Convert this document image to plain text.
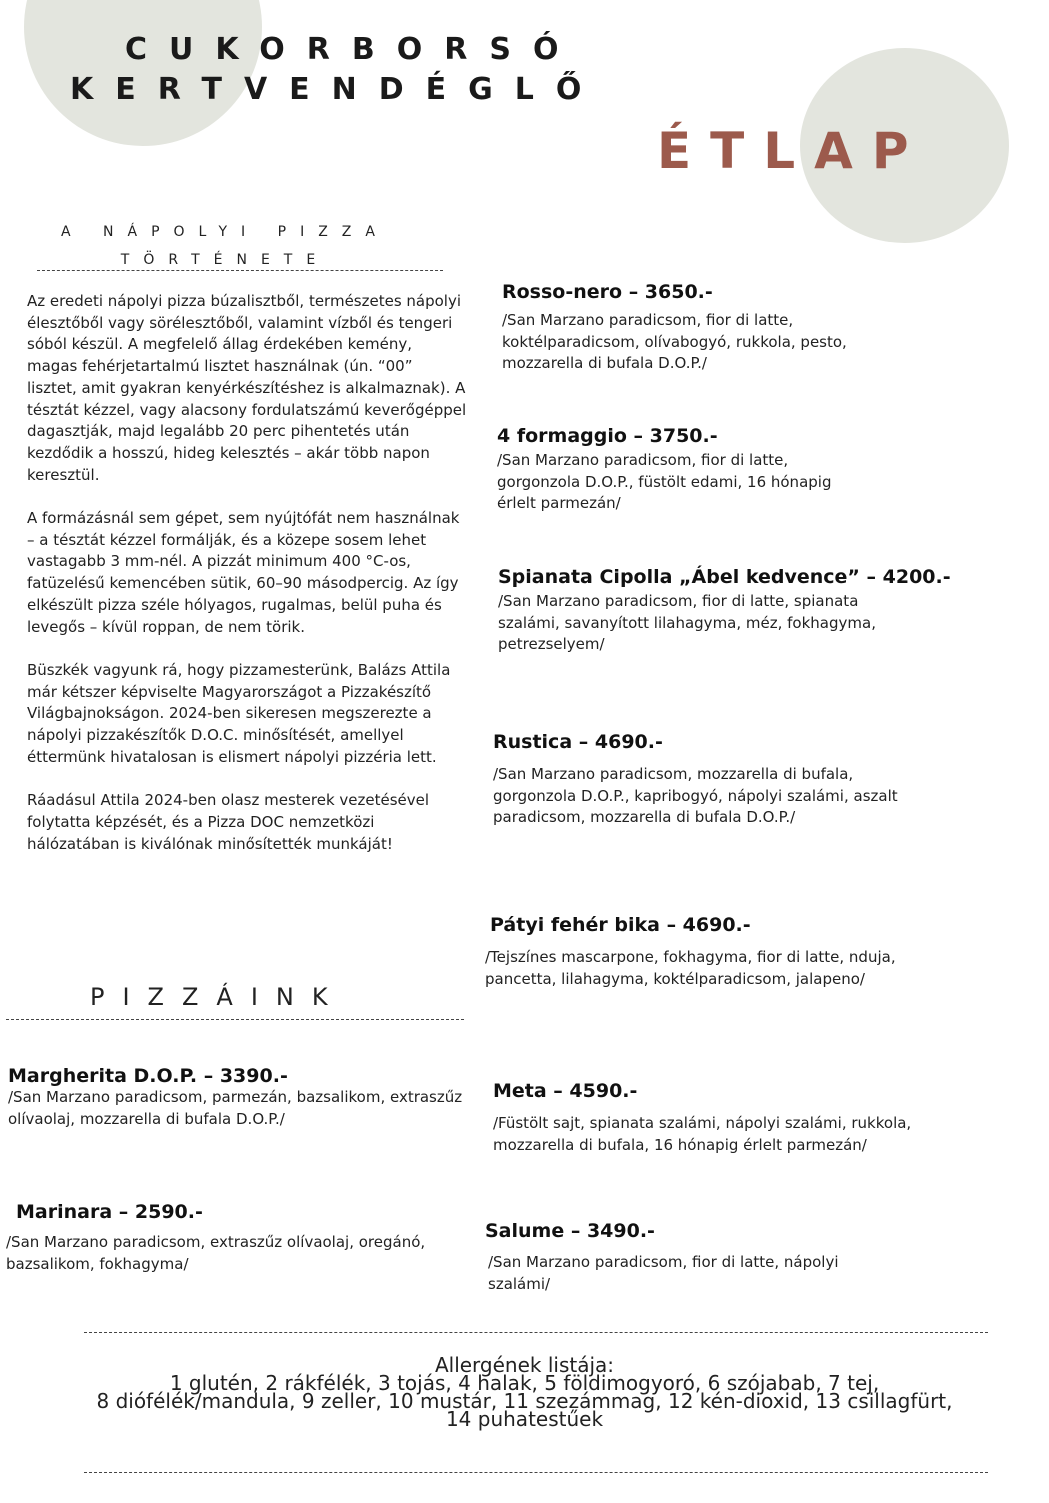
CUKORBORSÓ
KERTVENDÉGLŐ
ÉTLAP
A NÁPOLYI PIZZA
TÖRTÉNETE

Az eredeti nápolyi pizza búzalisztből, természetes nápolyi élesztőből vagy sörélesztőből, valamint vízből és tengeri sóból készül. A megfelelő állag érdekében kemény, magas fehérjetartalmú lisztet használnak (ún. “00” lisztet, amit gyakran kenyérkészítéshez is alkalmaznak). A tésztát kézzel, vagy alacsony fordulatszámú keverőgéppel dagasztják, majd legalább 20 perc pihentetés után kezdődik a hosszú, hideg kelesztés – akár több napon keresztül.

A formázásnál sem gépet, sem nyújtófát nem használnak – a tésztát kézzel formálják, és a közepe sosem lehet vastagabb 3 mm-nél. A pizzát minimum 400 °C-os, fatüzelésű kemencében sütik, 60–90 másodpercig. Az így elkészült pizza széle hólyagos, rugalmas, belül puha és levegős – kívül roppan, de nem törik.

Büszkék vagyunk rá, hogy pizzamesterünk, Balázs Attila már kétszer képviselte Magyarországot a Pizzakészítő Világbajnokságon. 2024-ben sikeresen megszerezte a nápolyi pizzakészítők D.O.C. minősítését, amellyel éttermünk hivatalosan is elismert nápolyi pizzéria lett.

Ráadásul Attila 2024-ben olasz mesterek vezetésével folytatta képzését, és a Pizza DOC nemzetközi hálózatában is kiválónak minősítették munkáját!

PIZZÁINK
Rosso-nero – 3650.-
/San Marzano paradicsom, fior di latte, koktélparadicsom, olívabogyó, rukkola, pesto, mozzarella di bufala D.O.P./
4 formaggio – 3750.-
/San Marzano paradicsom, fior di latte, gorgonzola D.O.P., füstölt edami, 16 hónapig érlelt parmezán/
Spianata Cipolla „Ábel kedvence” – 4200.-
/San Marzano paradicsom, fior di latte, spianata szalámi, savanyított lilahagyma, méz, fokhagyma, petrezselyem/
Rustica – 4690.-
/San Marzano paradicsom, mozzarella di bufala, gorgonzola D.O.P., kapribogyó, nápolyi szalámi, aszalt paradicsom, mozzarella di bufala D.O.P./
Pátyi fehér bika – 4690.-
/Tejszínes mascarpone, fokhagyma, fior di latte, nduja, pancetta, lilahagyma, koktélparadicsom, jalapeno/
Margherita D.O.P. – 3390.-
/San Marzano paradicsom, parmezán, bazsalikom, extraszűz olívaolaj, mozzarella di bufala D.O.P./
Meta – 4590.-
/Füstölt sajt, spianata szalámi, nápolyi szalámi, rukkola, mozzarella di bufala, 16 hónapig érlelt parmezán/
Marinara – 2590.-
/San Marzano paradicsom, extraszűz olívaolaj, oregánó, bazsalikom, fokhagyma/
Salume – 3490.-
/San Marzano paradicsom, fior di latte, nápolyi szalámi/
Allergének listája:
1 glutén, 2 rákfélék, 3 tojás, 4 halak, 5 földimogyoró, 6 szójabab, 7 tej,
8 diófélék/mandula, 9 zeller, 10 mustár, 11 szezámmag, 12 kén-dioxid, 13 csillagfürt,
14 puhatestűek
